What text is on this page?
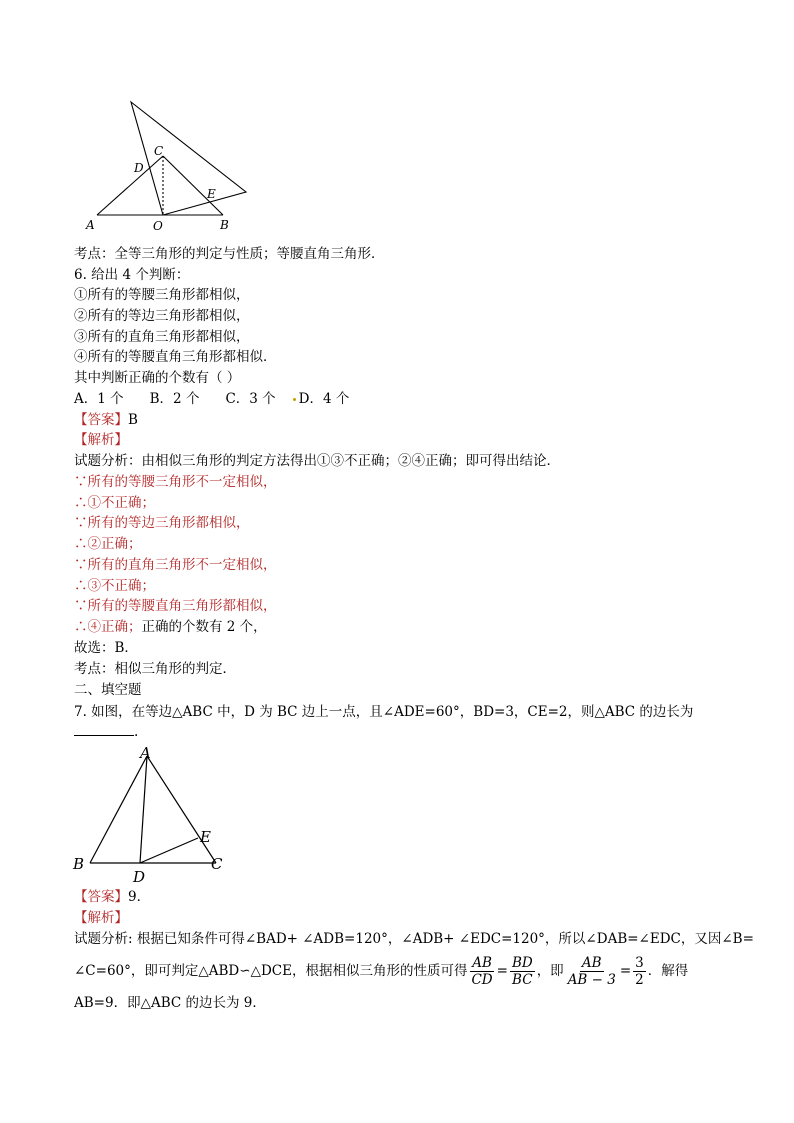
A	B
C
D
E
O
考点：全等三角形的判定与性质；等腰直角三角形．
6. 给出 4 个判断：
①所有的等腰三角形都相似，
②所有的等边三角形都相似，
③所有的直角三角形都相似，
④所有的等腰直角三角形都相似．
其中判断正确的个数有（ ）
A．1 个 B．2 个 C．3 个 D．4 个
【答案】B
【解析】
试题分析：由相似三角形的判定方法得出①③不正确；②④正确；即可得出结论．
∵所有的等腰三角形不一定相似，
∴①不正确；
∵所有的等边三角形都相似，
∴②正确；
∵所有的直角三角形不一定相似，
∴③不正确；
∵所有的等腰直角三角形都相似，
∴④正确；正确的个数有 2 个，
故选：B．
考点：相似三角形的判定．
二、填空题
7. 如图，在等边△ABC 中，D 为 BC 边上一点，且∠ADE=60°，BD=3，CE=2，则△ABC 的边长为
.
A
B	C
D
E
【答案】9．
【解析】
试题分析: 根据已知条件可得∠BAD+ ∠ADB=120°，∠ADB+ ∠EDC=120°，所以∠DAB=∠EDC，又因∠B=
∠C=60°，即可判定△ABD∽△DCE，根据相似三角形的性质可得 $\frac{AB}{CD} = \frac{BD}{BC}$ ，即 $\frac{AB}{AB - 3} = \frac{3}{2}$ ．解得
AB=9．即△ABC 的边长为 9．
